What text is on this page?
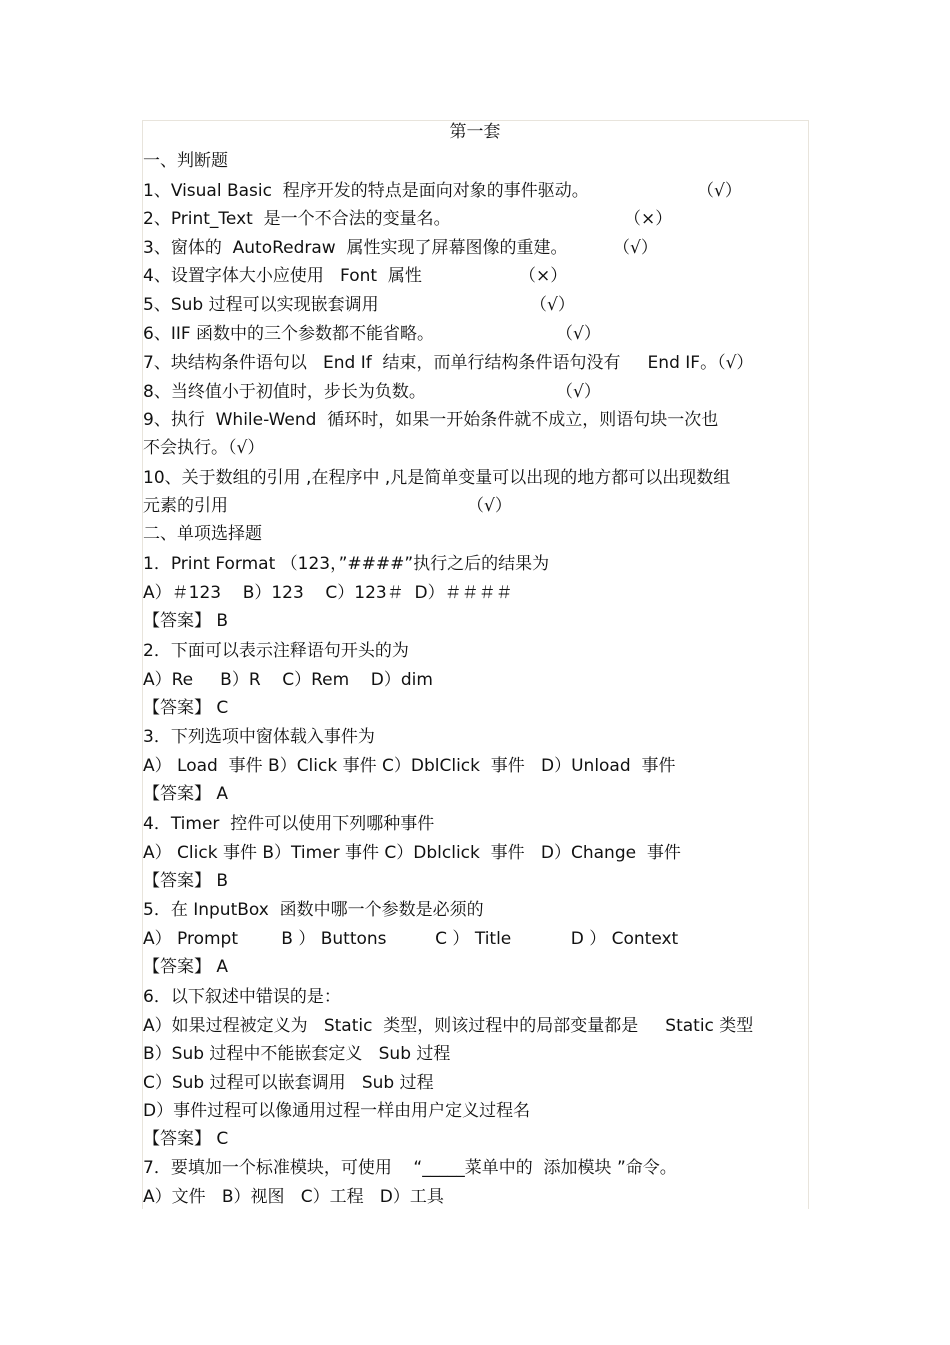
第一套
一、判断题
1、Visual Basic  程序开发的特点是面向对象的事件驱动。	（√）
2、Print_Text  是一个不合法的变量名。	（×）
3、窗体的  AutoRedraw  属性实现了屏幕图像的重建。	（√）
4、设置字体大小应使用   Font  属性	（×）
5、Sub 过程可以实现嵌套调用	（√）
6、IIF 函数中的三个参数都不能省略。	（√）
7、块结构条件语句以   End If  结束，而单行结构条件语句没有     End IF。（√）
8、当终值小于初值时，步长为负数。	（√）
9、执行  While-Wend  循环时，如果一开始条件就不成立，则语句块一次也
不会执行。（√）
10、关于数组的引用 ,在程序中 ,凡是简单变量可以出现的地方都可以出现数组
元素的引用	（√）
二、单项选择题
1．Print Format （123，”####”执行之后的结果为
A）＃123    B）123    C）123＃  D）＃＃＃＃
【答案】 B
2．下面可以表示注释语句开头的为
A）Re     B）R    C）Rem    D）dim
【答案】 C
3．下列选项中窗体载入事件为
A） Load  事件 B）Click 事件 C）DblClick  事件   D）Unload  事件
【答案】 A
4．Timer  控件可以使用下列哪种事件
A） Click 事件 B）Timer 事件 C）Dblclick  事件   D）Change  事件
【答案】 B
5．在 InputBox  函数中哪一个参数是必须的
A） Prompt        B ） Buttons         C ） Title           D ） Context
【答案】 A
6．以下叙述中错误的是：
A）如果过程被定义为   Static  类型，则该过程中的局部变量都是     Static 类型
B）Sub 过程中不能嵌套定义   Sub 过程
C）Sub 过程可以嵌套调用   Sub 过程
D）事件过程可以像通用过程一样由用户定义过程名
【答案】 C
7．要填加一个标准模块，可使用    “_____菜单中的  添加模块 ”命令。
A）文件   B）视图   C）工程   D）工具
